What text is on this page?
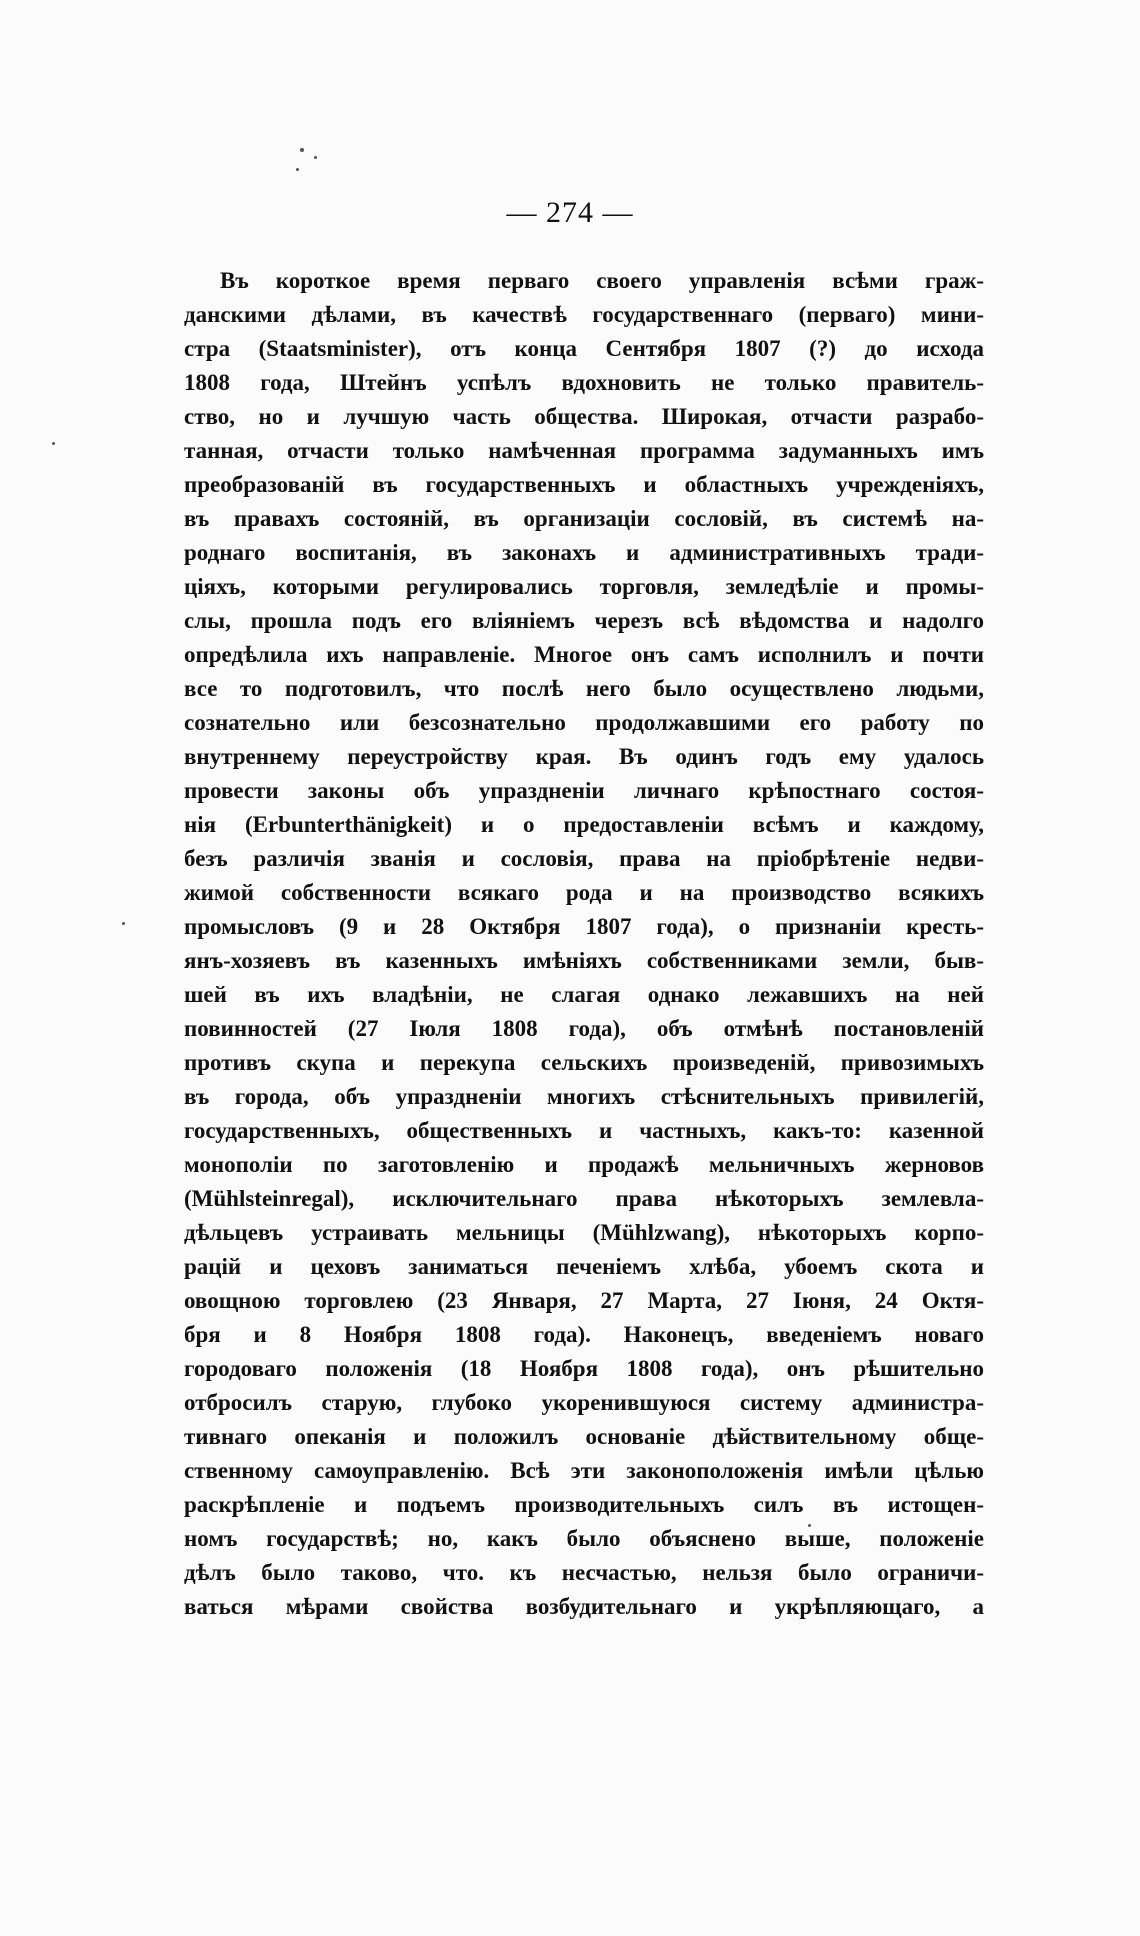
— 274 —
Въ короткое время перваго своего управленія всѣми граж-
данскими дѣлами, въ качествѣ государственнаго (перваго) мини-
стра (Staatsminister), отъ конца Сентября 1807 (?) до исхода
1808 года, Штейнъ успѣлъ вдохновить не только правитель-
ство, но и лучшую часть общества. Широкая, отчасти разрабо-
танная, отчасти только намѣченная программа задуманныхъ имъ
преобразованій въ государственныхъ и областныхъ учрежденіяхъ,
въ правахъ состояній, въ организаціи сословій, въ системѣ на-
роднаго воспитанія, въ законахъ и административныхъ тради-
ціяхъ, которыми регулировались торговля, земледѣліе и промы-
слы, прошла подъ его вліяніемъ черезъ всѣ вѣдомства и надолго
опредѣлила ихъ направленіе. Многое онъ самъ исполнилъ и почти
все то подготовилъ, что послѣ него было осуществлено людьми,
сознательно или безсознательно продолжавшими его работу по
внутреннему переустройству края. Въ одинъ годъ ему удалось
провести законы объ упраздненіи личнаго крѣпостнаго состоя-
нія (Erbunterthänigkeit) и о предоставленіи всѣмъ и каждому,
безъ различія званія и сословія, права на пріобрѣтеніе недви-
жимой собственности всякаго рода и на производство всякихъ
промысловъ (9 и 28 Октября 1807 года), о признаніи кресть-
янъ-хозяевъ въ казенныхъ имѣніяхъ собственниками земли, быв-
шей въ ихъ владѣніи, не слагая однако лежавшихъ на ней
повинностей (27 Іюля 1808 года), объ отмѣнѣ постановленій
противъ скупа и перекупа сельскихъ произведеній, привозимыхъ
въ города, объ упраздненіи многихъ стѣснительныхъ привилегій,
государственныхъ, общественныхъ и частныхъ, какъ-то: казенной
монополіи по заготовленію и продажѣ мельничныхъ жерновов
(Mühlsteinregal), исключительнаго права нѣкоторыхъ землевла-
дѣльцевъ устраивать мельницы (Mühlzwang), нѣкоторыхъ корпо-
рацій и цеховъ заниматься печеніемъ хлѣба, убоемъ скота и
овощною торговлею (23 Января, 27 Марта, 27 Іюня, 24 Октя-
бря и 8 Ноября 1808 года). Наконецъ, введеніемъ новаго
городоваго положенія (18 Ноября 1808 года), онъ рѣшительно
отбросилъ старую, глубоко укоренившуюся систему администра-
тивнаго опеканія и положилъ основаніе дѣйствительному обще-
ственному самоуправленію. Всѣ эти законоположенія имѣли цѣлью
раскрѣпленіе и подъемъ производительныхъ силъ въ истощен-
номъ государствѣ; но, какъ было объяснено выше, положеніе
дѣлъ было таково, что. къ несчастью, нельзя было ограничи-
ваться мѣрами свойства возбудительнаго и укрѣпляющаго, а
